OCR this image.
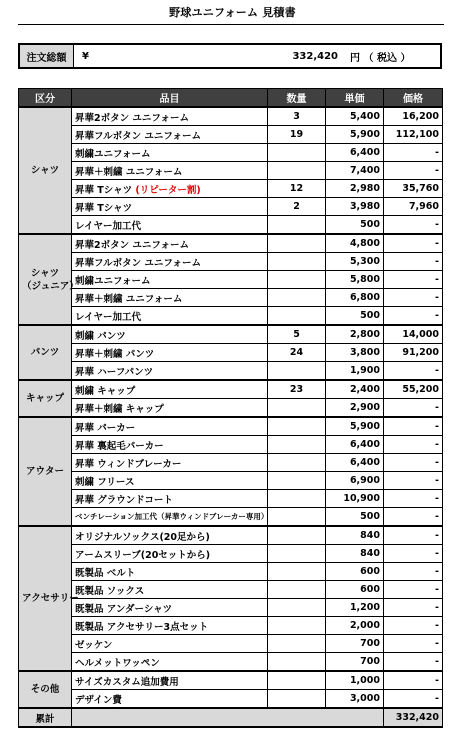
野球ユニフォーム 見積書
注文総額	¥	332,420	円 （ 税込 ）
区分	品目	数量	単価	価格
シャツ	昇華2ボタン ユニフォーム	3	5,400	16,200
	昇華フルボタン ユニフォーム	19	5,900	112,100
	刺繍ユニフォーム		6,400	-
	昇華＋刺繍 ユニフォーム		7,400	-
	昇華 Tシャツ (リピーター割)	12	2,980	35,760
	昇華 Tシャツ	2	3,980	7,960
	レイヤー加工代		500	-
シャツ
（ジュニア）	昇華2ボタン ユニフォーム		4,800	-
	昇華フルボタン ユニフォーム		5,300	-
	刺繍ユニフォーム		5,800	-
	昇華＋刺繍 ユニフォーム		6,800	-
	レイヤー加工代		500	-
パンツ	刺繍 パンツ	5	2,800	14,000
	昇華＋刺繍 パンツ	24	3,800	91,200
	昇華 ハーフパンツ		1,900	-
キャップ	刺繍 キャップ	23	2,400	55,200
	昇華＋刺繍 キャップ		2,900	-
アウター	昇華 パーカー		5,900	-
	昇華 裏起毛パーカー		6,400	-
	昇華 ウィンドブレーカー		6,400	-
	刺繍 フリース		6,900	-
	昇華 グラウンドコート		10,900	-
	ベンチレーション加工代（昇華ウィンドブレーカー専用）		500	-
アクセサリー	オリジナルソックス(20足から)		840	-
	アームスリーブ(20セットから)		840	-
	既製品 ベルト		600	-
	既製品 ソックス		600	-
	既製品 アンダーシャツ		1,200	-
	既製品 アクセサリー3点セット		2,000	-
	ゼッケン		700	-
	ヘルメットワッペン		700	-
その他	サイズカスタム追加費用		1,000	-
	デザイン費		3,000	-
累計				332,420
